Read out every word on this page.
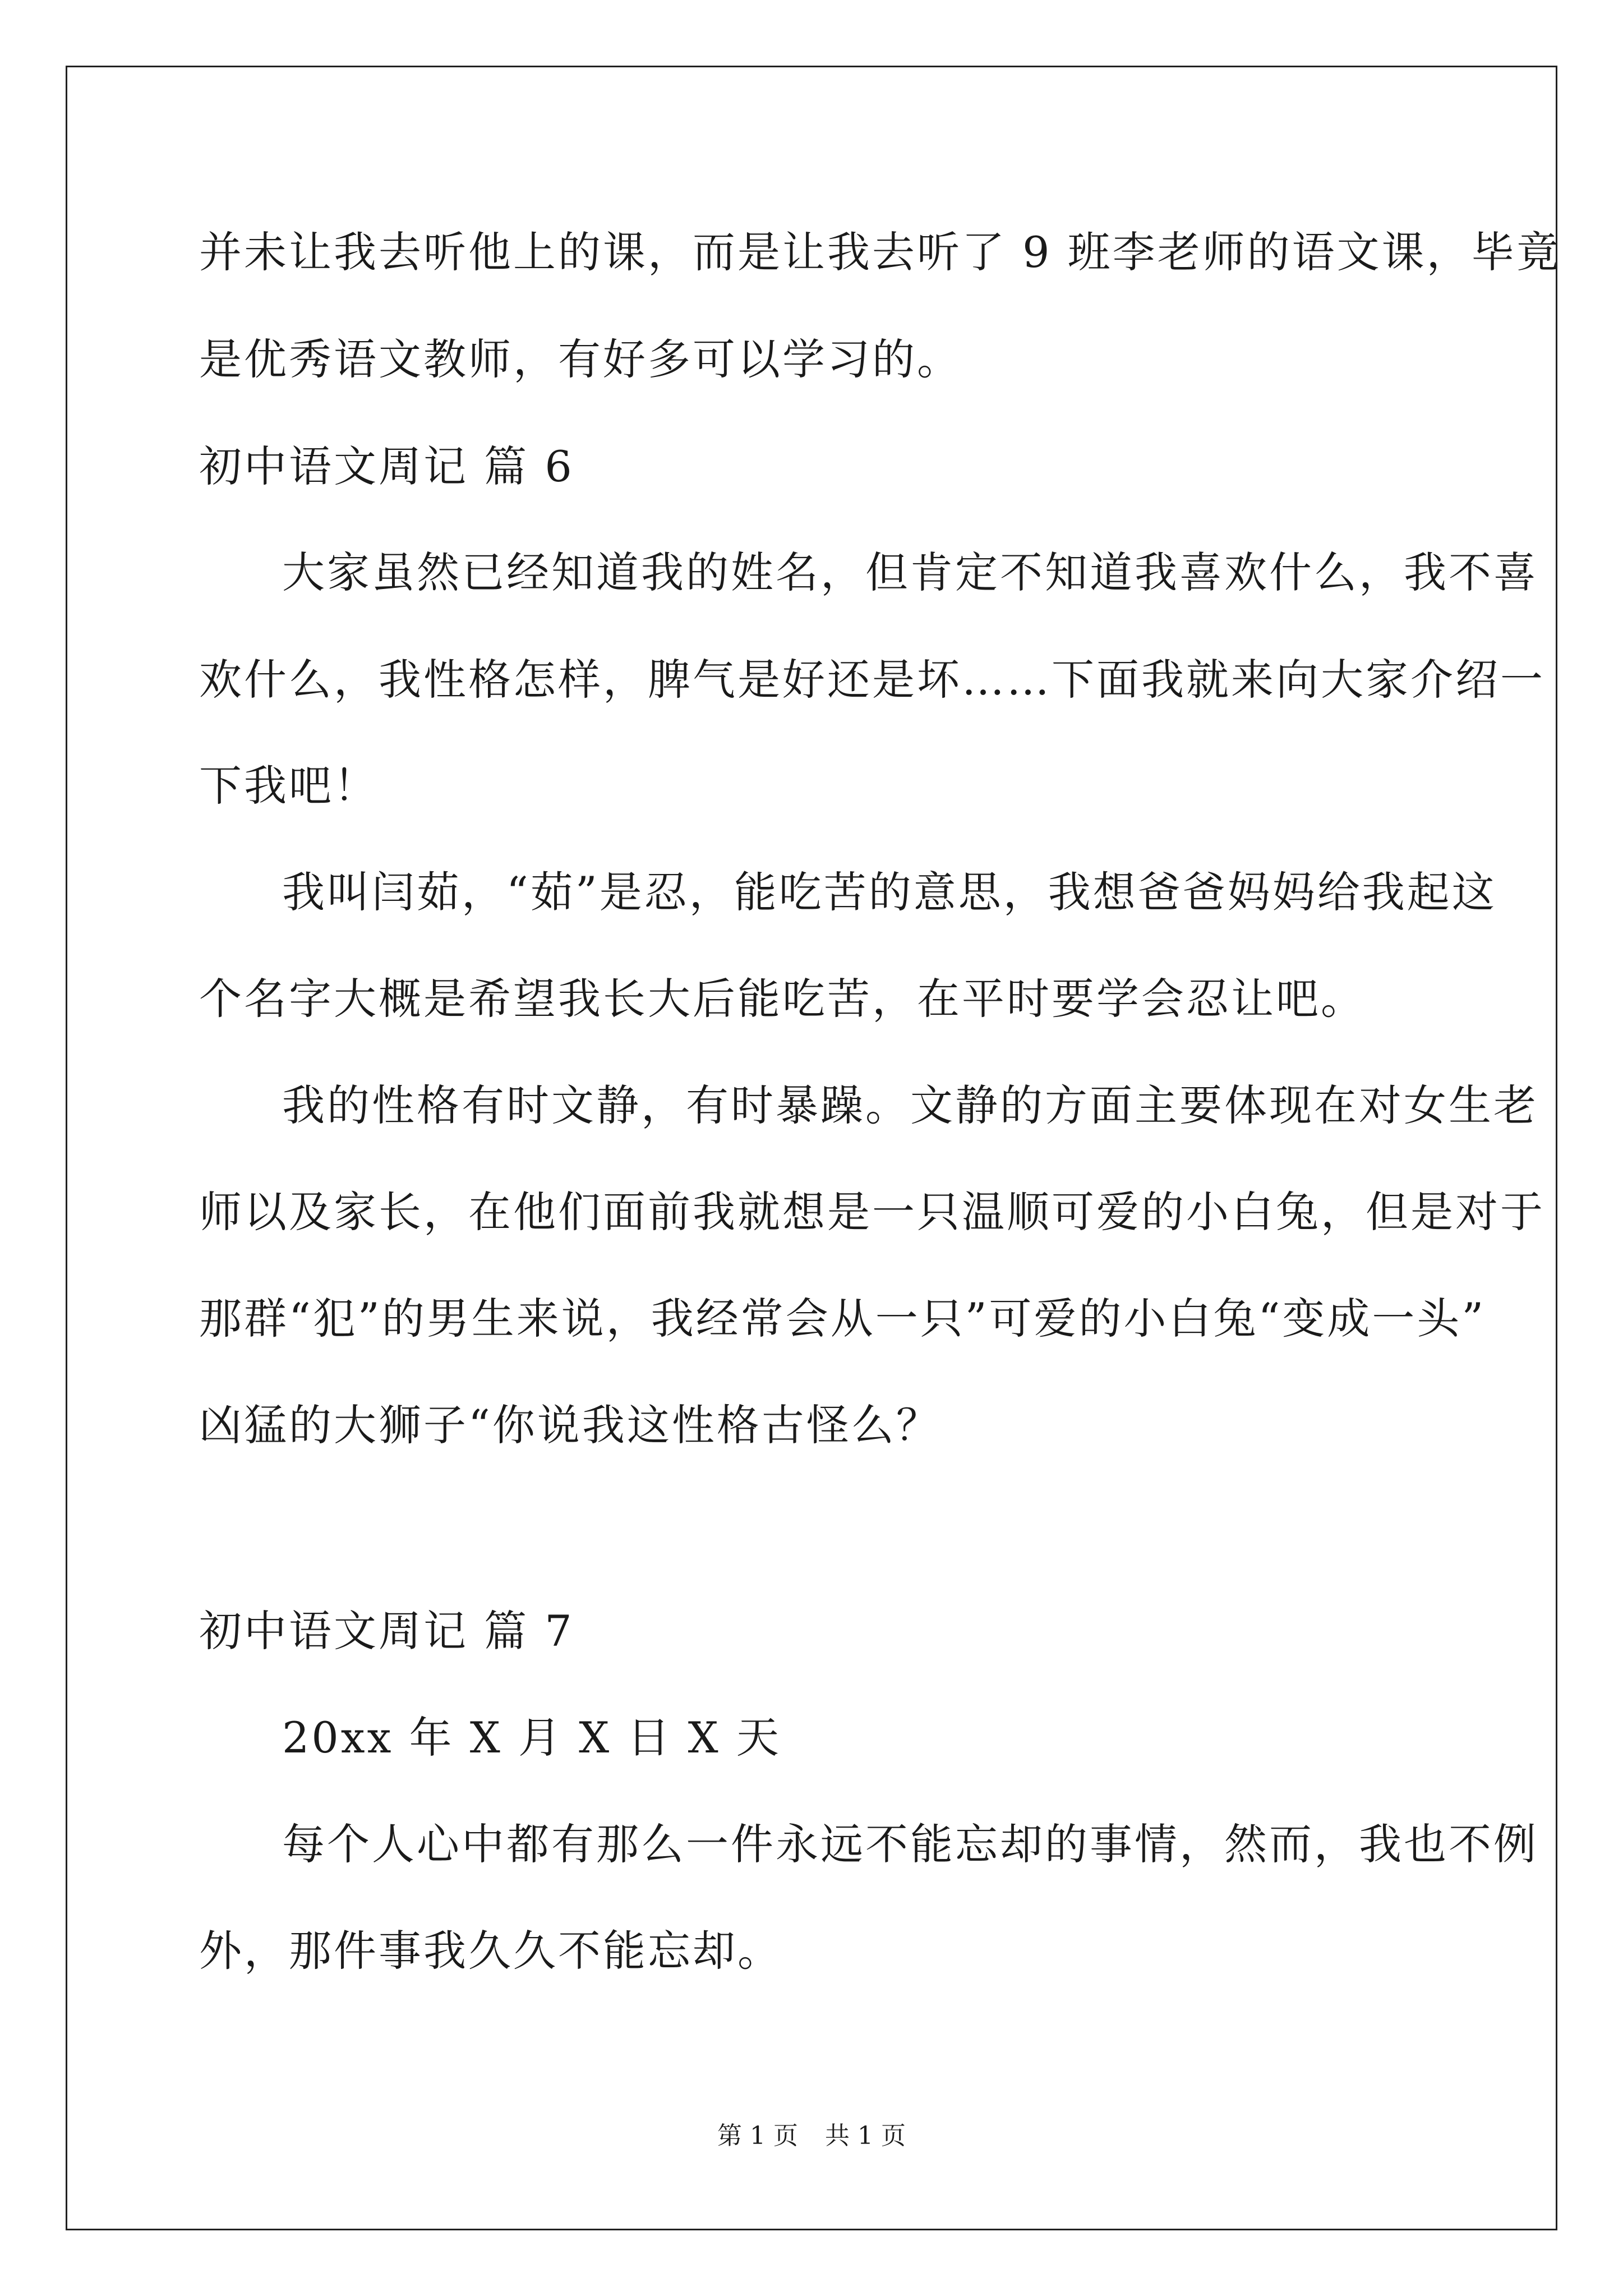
并未让我去听他上的课，而是让我去听了 9 班李老师的语文课，毕竟
是优秀语文教师，有好多可以学习的。
初中语文周记 篇 6
大家虽然已经知道我的姓名，但肯定不知道我喜欢什么，我不喜
欢什么，我性格怎样，脾气是好还是坏……下面我就来向大家介绍一
下我吧！
我叫闫茹，“茹”是忍，能吃苦的意思，我想爸爸妈妈给我起这
个名字大概是希望我长大后能吃苦，在平时要学会忍让吧。
我的性格有时文静，有时暴躁。文静的方面主要体现在对女生老
师以及家长，在他们面前我就想是一只温顺可爱的小白兔，但是对于
那群“犯”的男生来说，我经常会从一只”可爱的小白兔“变成一头”
凶猛的大狮子“你说我这性格古怪么？
初中语文周记 篇 7
20xx 年 X 月 X 日 X 天
每个人心中都有那么一件永远不能忘却的事情，然而，我也不例
外，那件事我久久不能忘却。
第 1 页 共 1 页
